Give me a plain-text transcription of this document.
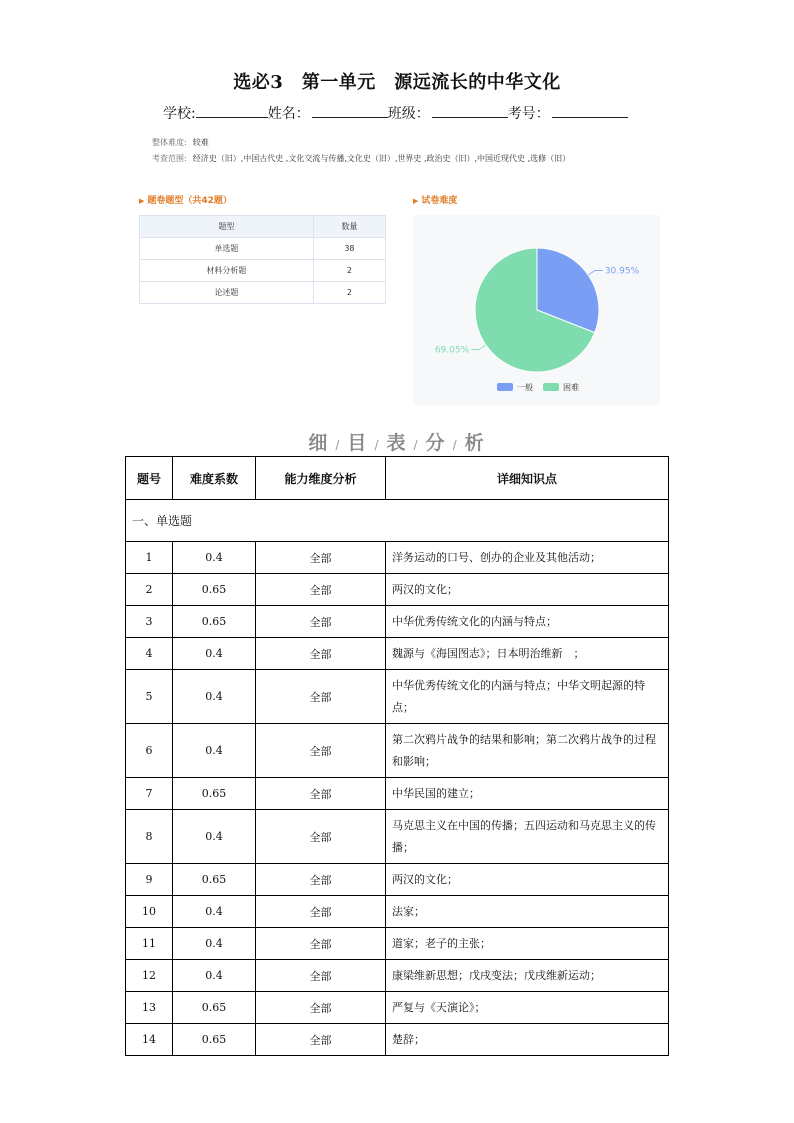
选必3　第一单元　源远流长的中华文化
学校:	姓名：	班级：	考号：
整体难度: 较难
考查范围: 经济史（旧）,中国古代史 ,文化交流与传播,文化史（旧）,世界史 ,政治史（旧）,中国近现代史 ,选修（旧）
▶ 题卷题型（共42题）	▶ 试卷难度
题型	数量
单选题	38
材料分析题	2
论述题	2
30.95%
69.05%
一般	困难
细 / 目 / 表 / 分 / 析
题号	难度系数	能力维度分析	详细知识点
一、单选题			
1	0.4	全部	洋务运动的口号、创办的企业及其他活动；
2	0.65	全部	两汉的文化；
3	0.65	全部	中华优秀传统文化的内涵与特点；
4	0.4	全部	魏源与《海国图志》；日本明治维新　；
5	0.4	全部	中华优秀传统文化的内涵与特点；中华文明起源的特点；
6	0.4	全部	第二次鸦片战争的结果和影响；第二次鸦片战争的过程和影响；
7	0.65	全部	中华民国的建立；
8	0.4	全部	马克思主义在中国的传播；五四运动和马克思主义的传播；
9	0.65	全部	两汉的文化；
10	0.4	全部	法家；
11	0.4	全部	道家；老子的主张；
12	0.4	全部	康梁维新思想；戊戌变法；戊戌维新运动；
13	0.65	全部	严复与《天演论》；
14	0.65	全部	楚辞；
